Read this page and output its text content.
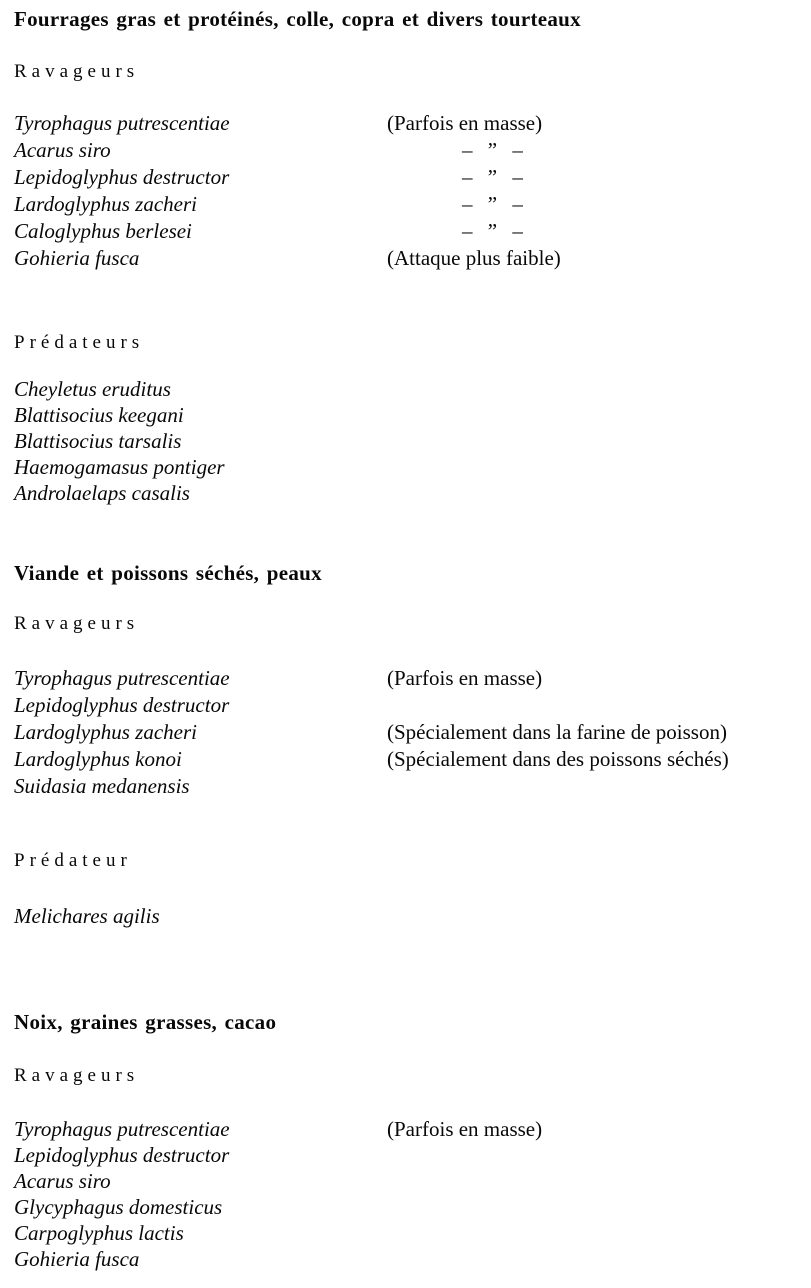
Fourrages gras et protéinés, colle, copra et divers tourteaux
Ravageurs
Tyrophagus putrescentiae	(Parfois en masse)
Acarus siro	– ” –
Lepidoglyphus destructor	– ” –
Lardoglyphus zacheri	– ” –
Caloglyphus berlesei	– ” –
Gohieria fusca	(Attaque plus faible)
Prédateurs
Cheyletus eruditus
Blattisocius keegani
Blattisocius tarsalis
Haemogamasus pontiger
Androlaelaps casalis
Viande et poissons séchés, peaux
Ravageurs
Tyrophagus putrescentiae	(Parfois en masse)
Lepidoglyphus destructor
Lardoglyphus zacheri	(Spécialement dans la farine de poisson)
Lardoglyphus konoi	(Spécialement dans des poissons séchés)
Suidasia medanensis
Prédateur
Melichares agilis
Noix, graines grasses, cacao
Ravageurs
Tyrophagus putrescentiae	(Parfois en masse)
Lepidoglyphus destructor
Acarus siro
Glycyphagus domesticus
Carpoglyphus lactis
Gohieria fusca
